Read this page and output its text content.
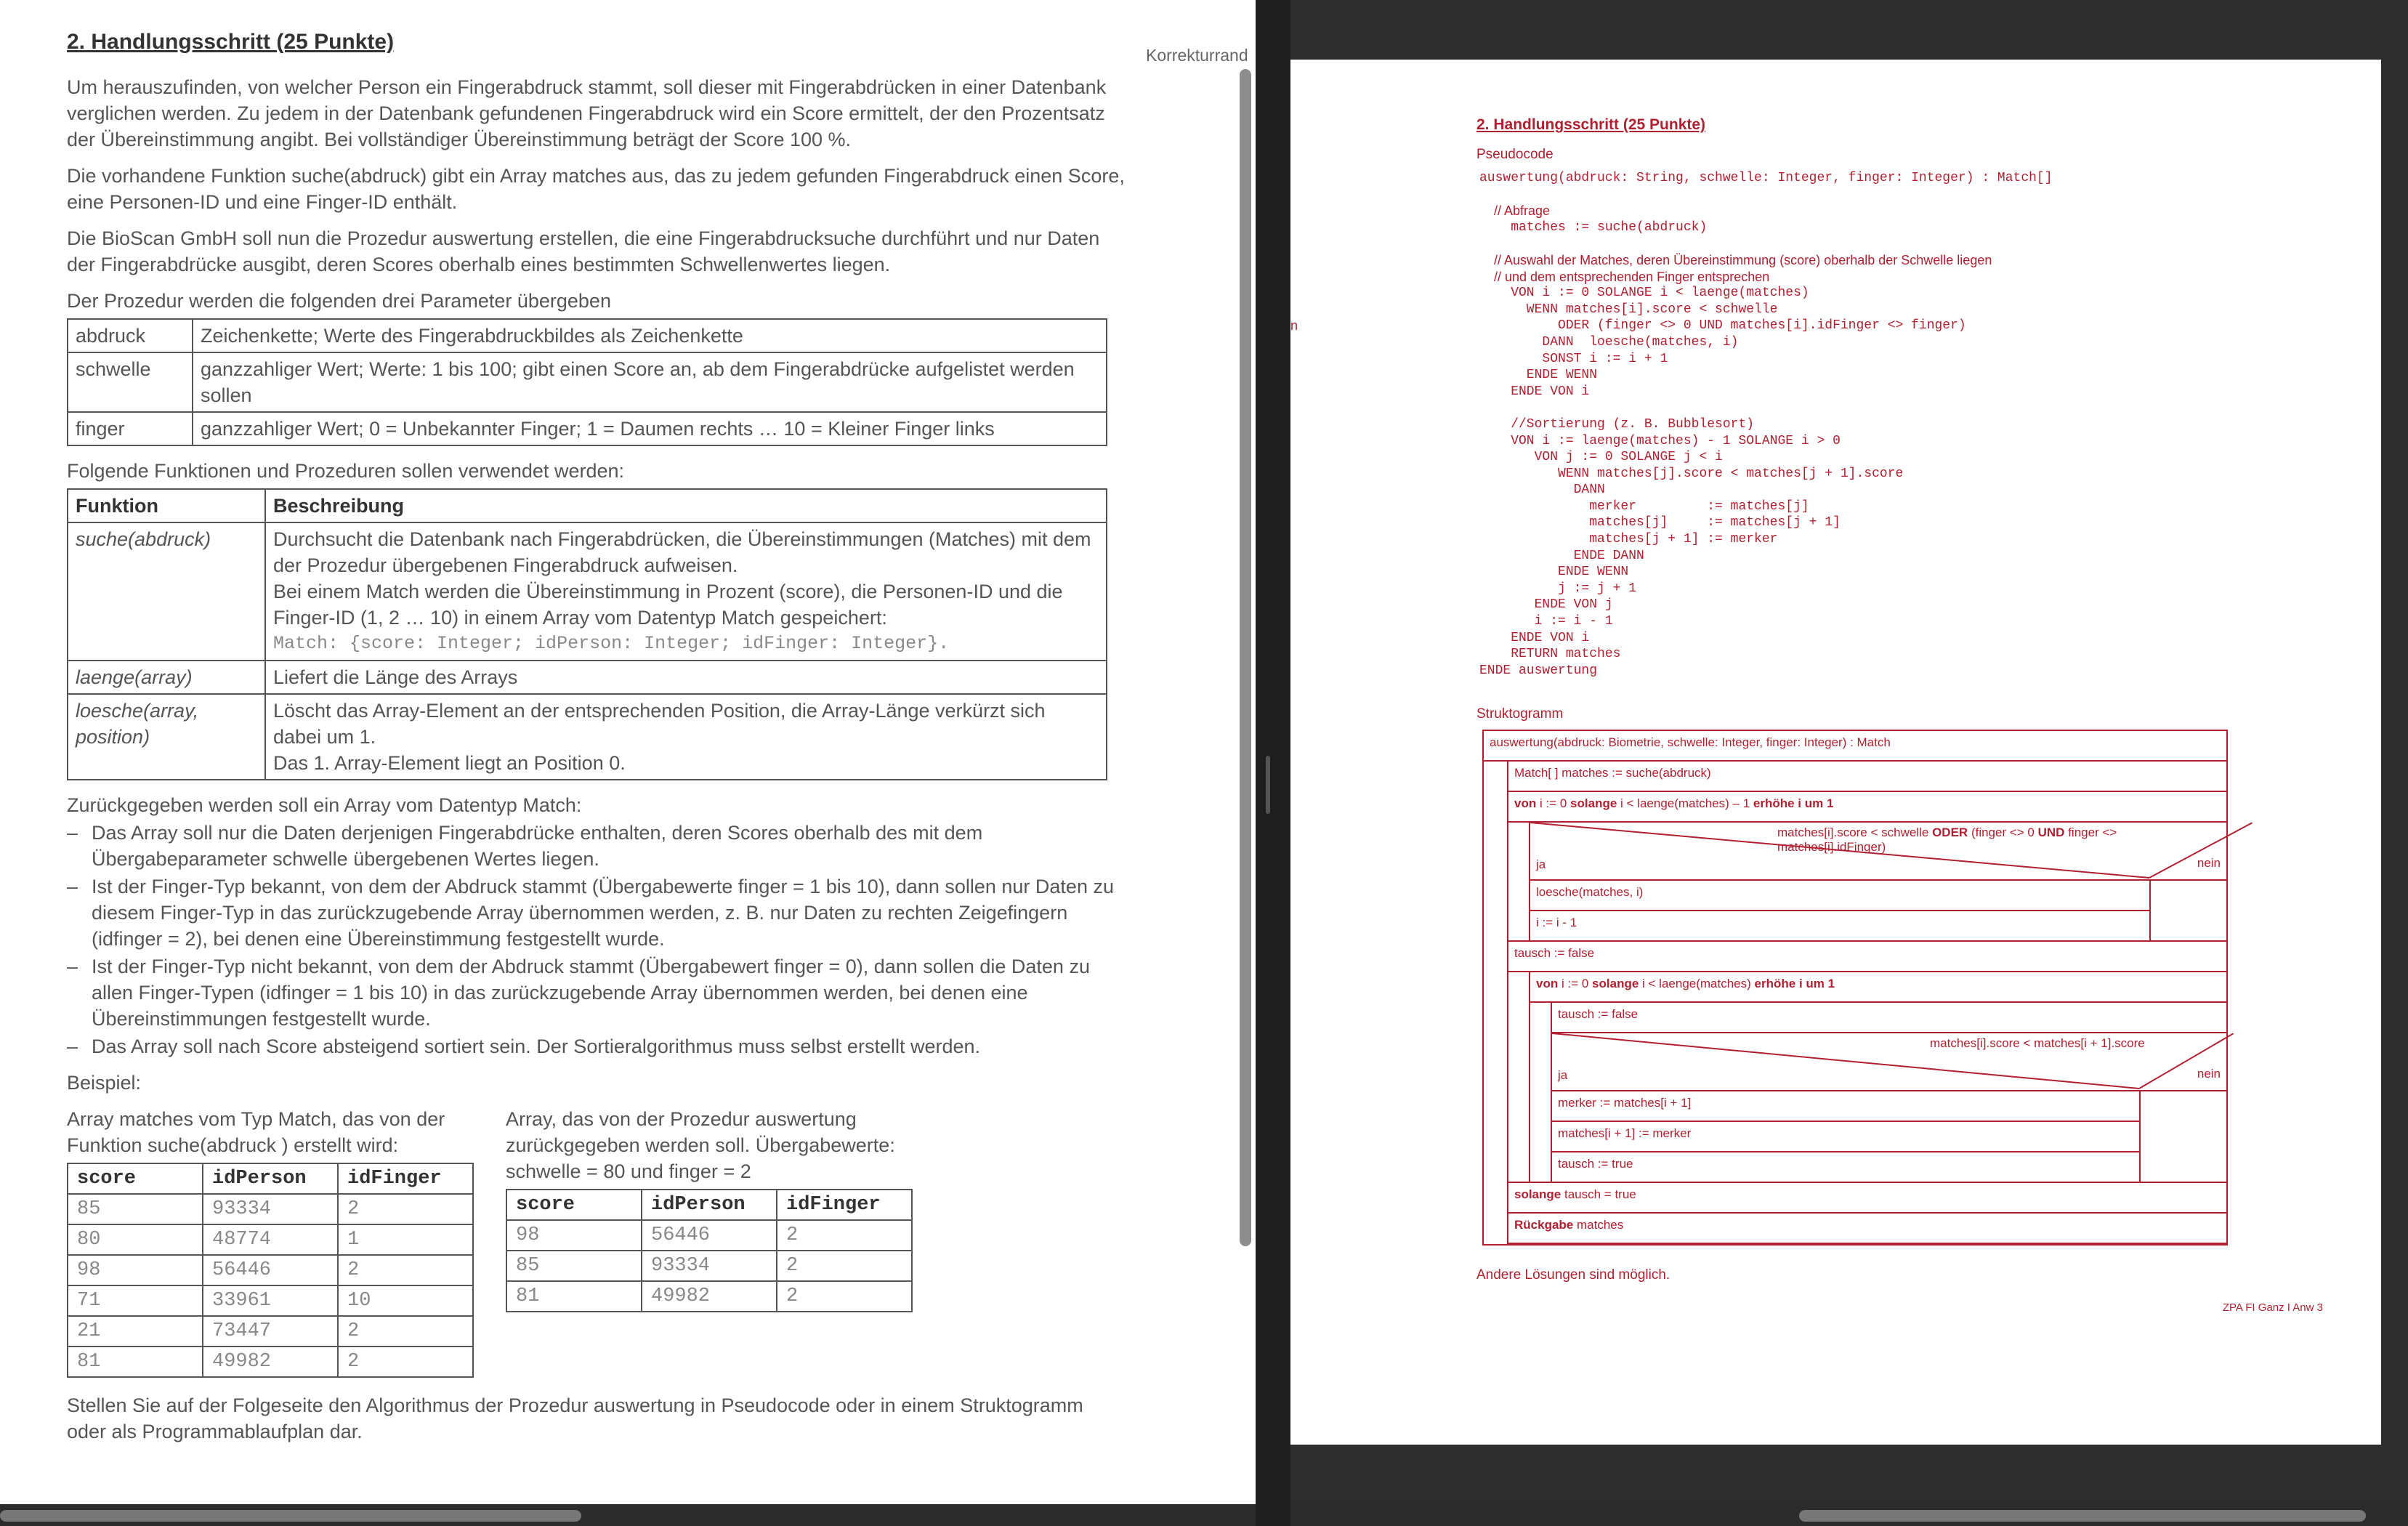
2. Handlungsschritt (25 Punkte)
Korrekturrand

Um herauszufinden, von welcher Person ein Fingerabdruck stammt, soll dieser mit Fingerabdrücken in einer Datenbank verglichen werden. Zu jedem in der Datenbank gefundenen Fingerabdruck wird ein Score ermittelt, der den Prozentsatz der Übereinstimmung angibt. Bei vollständiger Übereinstimmung beträgt der Score 100 %.

Die vorhandene Funktion suche(abdruck) gibt ein Array matches aus, das zu jedem gefunden Fingerabdruck einen Score, eine Personen-ID und eine Finger-ID enthält.

Die BioScan GmbH soll nun die Prozedur auswertung erstellen, die eine Fingerabdrucksuche durchführt und nur Daten der Fingerabdrücke ausgibt, deren Scores oberhalb eines bestimmten Schwellenwertes liegen.

Der Prozedur werden die folgenden drei Parameter übergeben

abdruck	Zeichenkette; Werte des Fingerabdruckbildes als Zeichenkette
schwelle	ganzzahliger Wert; Werte: 1 bis 100; gibt einen Score an, ab dem Fingerabdrücke aufgelistet werden sollen
finger	ganzzahliger Wert; 0 = Unbekannter Finger; 1 = Daumen rechts … 10 = Kleiner Finger links

Folgende Funktionen und Prozeduren sollen verwendet werden:

Funktion	Beschreibung
suche(abdruck)	Durchsucht die Datenbank nach Fingerabdrücken, die Übereinstimmungen (Matches) mit dem der Prozedur übergebenen Fingerabdruck aufweisen.
Bei einem Match werden die Übereinstimmung in Prozent (score), die Personen-ID und die Finger-ID (1, 2 … 10) in einem Array vom Datentyp Match gespeichert:
Match: {score: Integer; idPerson: Integer; idFinger: Integer}.

laenge(array)	Liefert die Länge des Arrays
loesche(array, position)	Löscht das Array-Element an der entsprechenden Position, die Array-Länge verkürzt sich dabei um 1.
Das 1. Array-Element liegt an Position 0.

Zurückgegeben werden soll ein Array vom Datentyp Match:

– Das Array soll nur die Daten derjenigen Fingerabdrücke enthalten, deren Scores oberhalb des mit dem Übergabeparameter schwelle übergebenen Wertes liegen.
– Ist der Finger-Typ bekannt, von dem der Abdruck stammt (Übergabewerte finger = 1 bis 10), dann sollen nur Daten zu diesem Finger-Typ in das zurückzugebende Array übernommen werden, z. B. nur Daten zu rechten Zeigefingern (idfinger = 2), bei denen eine Übereinstimmung festgestellt wurde.
– Ist der Finger-Typ nicht bekannt, von dem der Abdruck stammt (Übergabewert finger = 0), dann sollen die Daten zu allen Finger-Typen (idfinger = 1 bis 10) in das zurückzugebende Array übernommen werden, bei denen eine Übereinstimmungen festgestellt wurde.
– Das Array soll nach Score absteigend sortiert sein. Der Sortieralgorithmus muss selbst erstellt werden.

Beispiel:

Array matches vom Typ Match, das von der Funktion suche(abdruck ) erstellt wird:
score	idPerson	idFinger
85	93334	2
80	48774	1
98	56446	2
71	33961	10
21	73447	2
81	49982	2
Array, das von der Prozedur auswertung zurückgegeben werden soll. Übergabewerte: schwelle = 80 und finger = 2
score	idPerson	idFinger
98	56446	2
85	93334	2
81	49982	2

Stellen Sie auf der Folgeseite den Algorithmus der Prozedur auswertung in Pseudocode oder in einem Struktogramm oder als Programmablaufplan dar.

n
2. Handlungsschritt (25 Punkte)
Pseudocode
auswertung(abdruck: String, schwelle: Integer, finger: Integer) : Match[]

// Abfrage
matches := suche(abdruck)

// Auswahl der Matches, deren Übereinstimmung (score) oberhalb der Schwelle liegen
// und dem entsprechenden Finger entsprechen
VON i := 0 SOLANGE i < laenge(matches)
WENN matches[i].score < schwelle
ODER (finger <> 0 UND matches[i].idFinger <> finger)
DANN  loesche(matches, i)
SONST i := i + 1
ENDE WENN
ENDE VON i

//Sortierung (z. B. Bubblesort)
VON i := laenge(matches) - 1 SOLANGE i > 0
VON j := 0 SOLANGE j < i
WENN matches[j].score < matches[j + 1].score
DANN
merker         := matches[j]
matches[j]     := matches[j + 1]
matches[j + 1] := merker
ENDE DANN
ENDE WENN
j := j + 1
ENDE VON j
i := i - 1
ENDE VON i
RETURN matches
ENDE auswertung
Struktogramm
auswertung(abdruck: Biometrie, schwelle: Integer, finger: Integer) : Match
Match[ ] matches := suche(abdruck)
von i := 0 solange i < laenge(matches) – 1 erhöhe i um 1
matches[i].score < schwelle ODER (finger <> 0 UND finger <> matches[i].idFinger)
ja	nein
loesche(matches, i)
i := i - 1
tausch := false
von i := 0 solange i < laenge(matches) erhöhe i um 1
tausch := false
matches[i].score < matches[i + 1].score
ja	nein
merker := matches[i + 1]
matches[i + 1] := merker
tausch := true
solange tausch = true
Rückgabe matches
Andere Lösungen sind möglich.
ZPA FI Ganz I Anw 3
